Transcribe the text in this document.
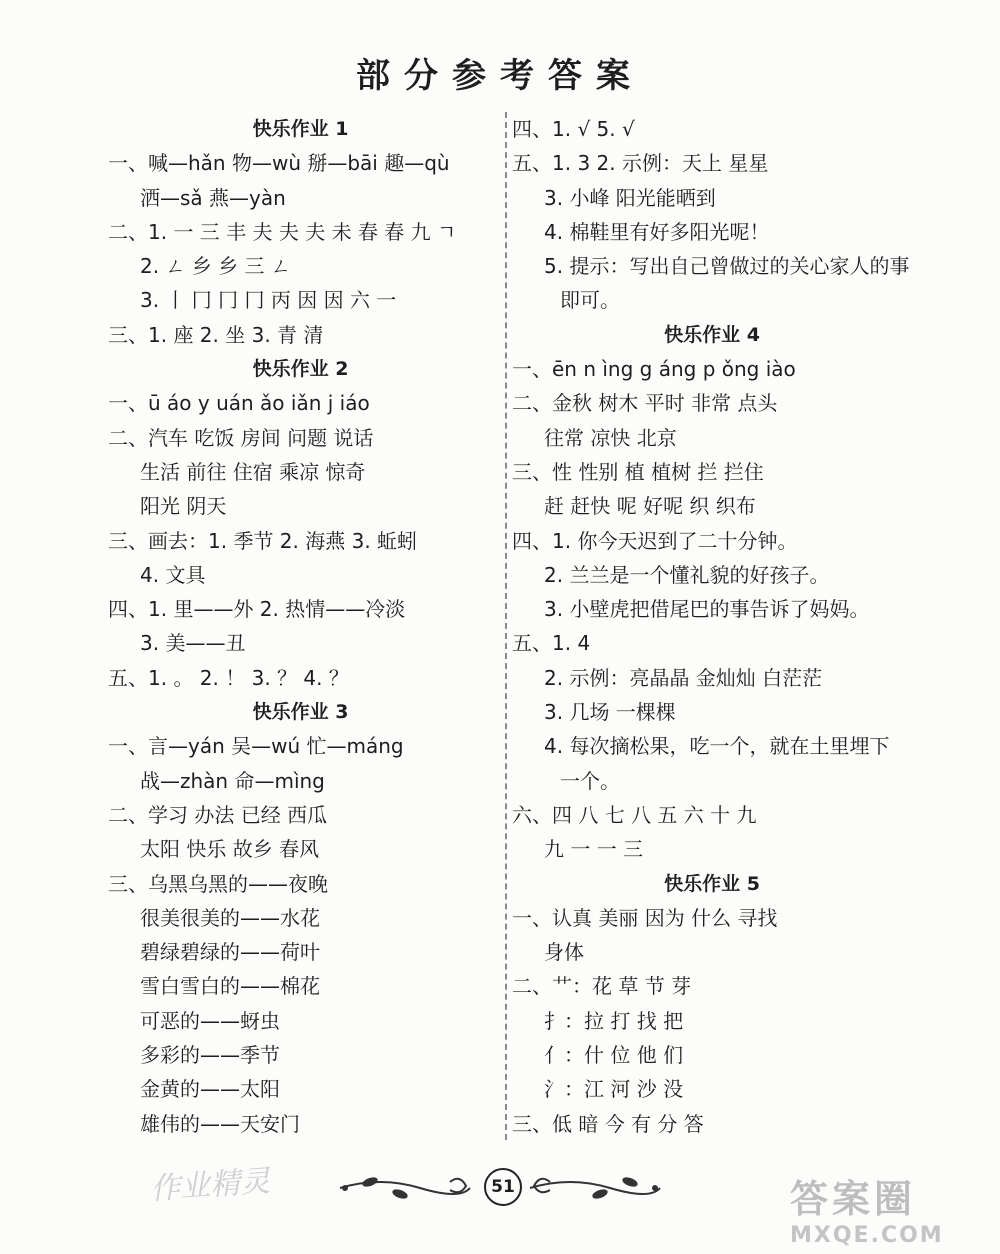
部分参考答案
快乐作业 1
一、喊—hǎn 物—wù 掰—bāi 趣—qù
洒—sǎ 燕—yàn
二、1. 一 三 丰 夫 夫 夫 未 春 春 九 ㄱ
2. ㄥ 乡 乡 三 ㄥ
3. 丨 冂 冂 冂 丙 因 因 六 一
三、1. 座 2. 坐 3. 青 清
快乐作业 2
一、ū áo y uán ǎo iǎn j iáo
二、汽车 吃饭 房间 问题 说话
生活 前往 住宿 乘凉 惊奇
阳光 阴天
三、画去：1. 季节 2. 海燕 3. 蚯蚓
4. 文具
四、1. 里——外 2. 热情——冷淡
3. 美——丑
五、1. 。 2. ！ 3. ？ 4. ？
快乐作业 3
一、言—yán 吴—wú 忙—máng
战—zhàn 命—mìng
二、学习 办法 已经 西瓜
太阳 快乐 故乡 春风
三、乌黑乌黑的——夜晚
很美很美的——水花
碧绿碧绿的——荷叶
雪白雪白的——棉花
可恶的——蚜虫
多彩的——季节
金黄的——太阳
雄伟的——天安门
四、1. √ 5. √
五、1. 3 2. 示例：天上 星星
3. 小峰 阳光能晒到
4. 棉鞋里有好多阳光呢！
5. 提示：写出自己曾做过的关心家人的事
即可。
快乐作业 4
一、ēn n ìng g áng p ǒng iào
二、金秋 树木 平时 非常 点头
往常 凉快 北京
三、性 性别 植 植树 拦 拦住
赶 赶快 呢 好呢 织 织布
四、1. 你今天迟到了二十分钟。
2. 兰兰是一个懂礼貌的好孩子。
3. 小壁虎把借尾巴的事告诉了妈妈。
五、1. 4
2. 示例：亮晶晶 金灿灿 白茫茫
3. 几场 一棵棵
4. 每次摘松果，吃一个，就在土里埋下
一个。
六、四 八 七 八 五 六 十 九
九 一 一 三
快乐作业 5
一、认真 美丽 因为 什么 寻找
身体
二、艹：花 草 节 芽
扌：拉 打 找 把
亻：什 位 他 们
氵：江 河 沙 没
三、低 暗 今 有 分 答
51
作业精灵	答案圈
MXQE.COM
